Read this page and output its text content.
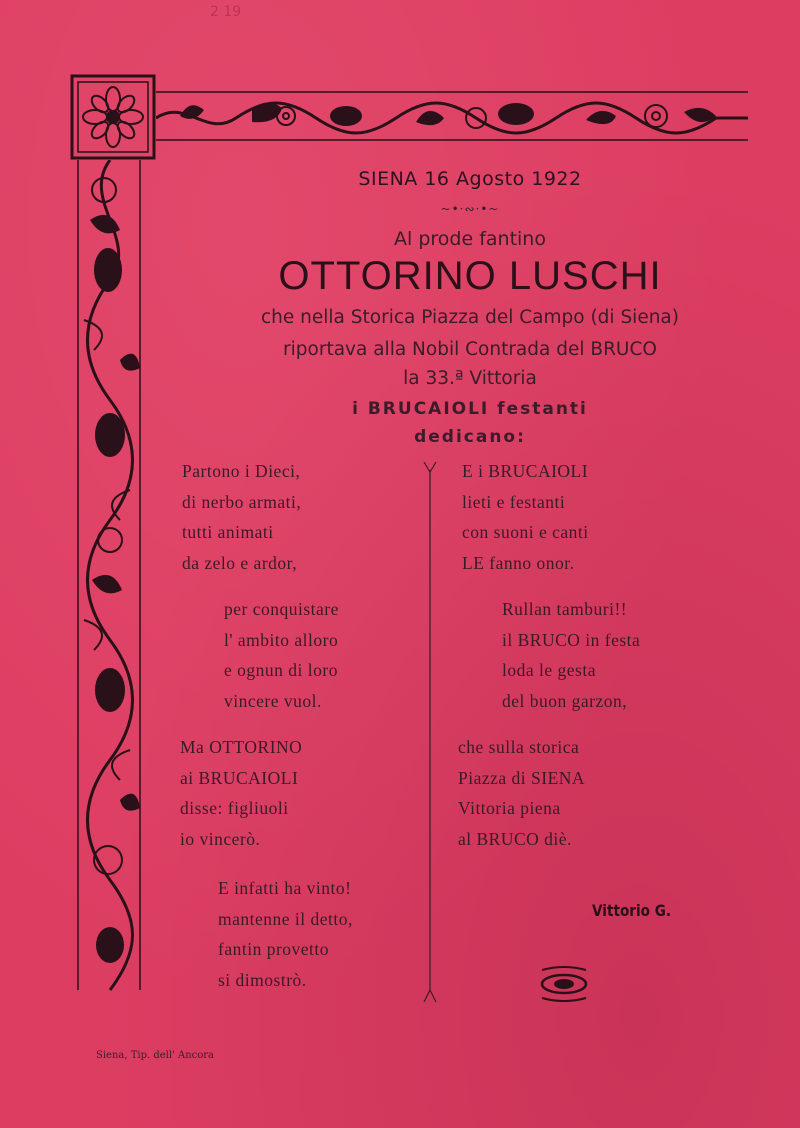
2 19
SIENA 16 Agosto 1922
~•·∾·•~
Al prode fantino
OTTORINO LUSCHI
che nella Storica Piazza del Campo (di Siena)
riportava alla Nobil Contrada del BRUCO
la 33.ª Vittoria
i BRUCAIOLI festanti
dedicano:
Partono i Dieci,
di nerbo armati,
tutti animati
da zelo e ardor,
per conquistare
l' ambito alloro
e ognun di loro
vincere vuol.
Ma OTTORINO
ai BRUCAIOLI
disse: figliuoli
io vincerò.
E infatti ha vinto!
mantenne il detto,
fantin provetto
si dimostrò.
E i BRUCAIOLI
lieti e festanti
con suoni e canti
LE fanno onor.
Rullan tamburi!!
il BRUCO in festa
loda le gesta
del buon garzon,
che sulla storica
Piazza di SIENA
Vittoria piena
al BRUCO diè.
Vittorio G.
Siena, Tip. dell' Ancora
